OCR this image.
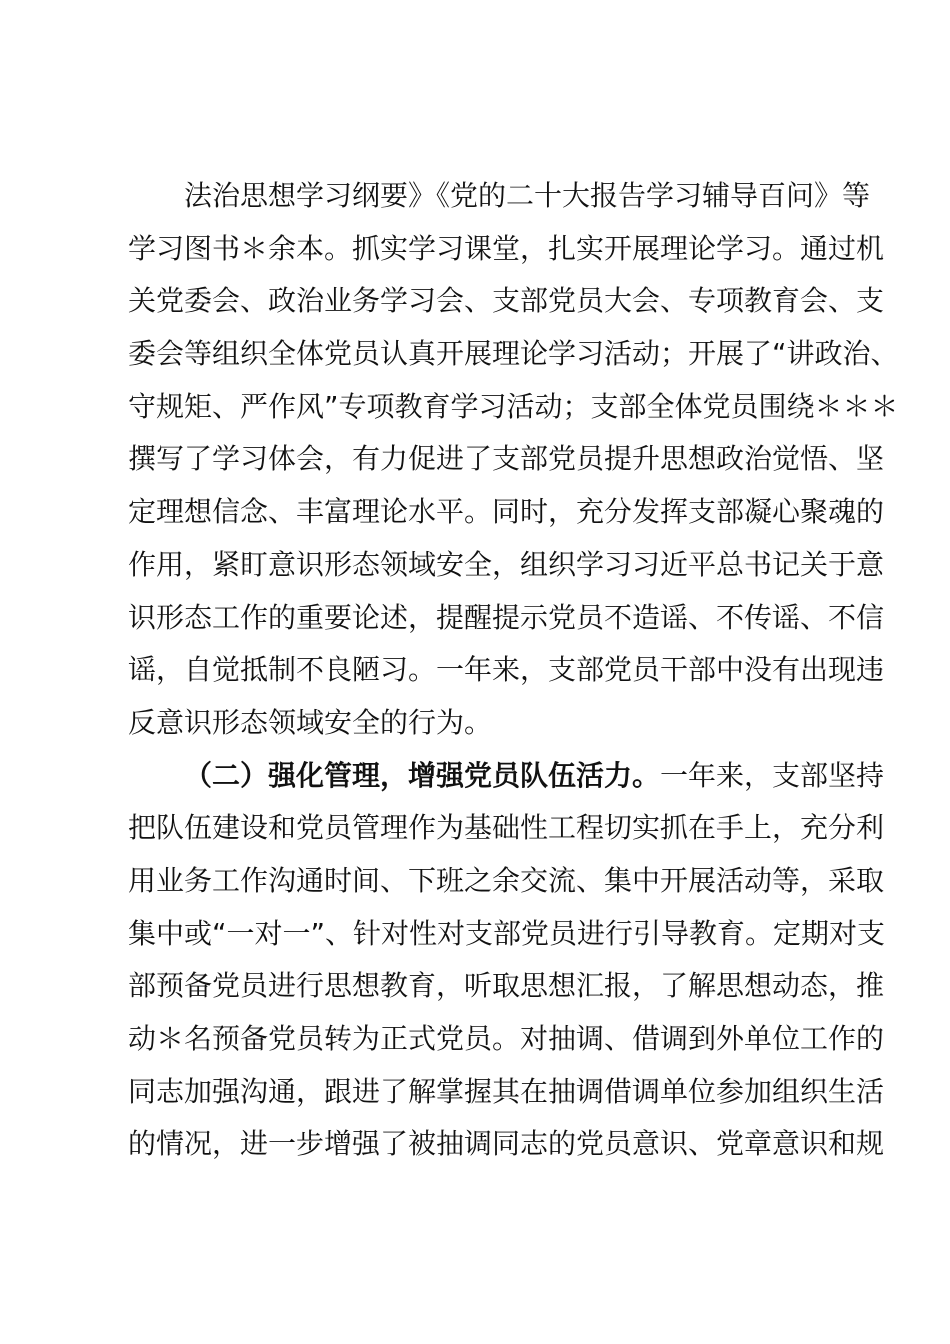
法治思想学习纲要》《党的二十大报告学习辅导百问》等
学习图书＊余本。抓实学习课堂，扎实开展理论学习。通过机
关党委会、政治业务学习会、支部党员大会、专项教育会、支
委会等组织全体党员认真开展理论学习活动；开展了“讲政治、
守规矩、严作风”专项教育学习活动；支部全体党员围绕＊＊＊
撰写了学习体会，有力促进了支部党员提升思想政治觉悟、坚
定理想信念、丰富理论水平。同时，充分发挥支部凝心聚魂的
作用，紧盯意识形态领域安全，组织学习习近平总书记关于意
识形态工作的重要论述，提醒提示党员不造谣、不传谣、不信
谣，自觉抵制不良陋习。一年来，支部党员干部中没有出现违
反意识形态领域安全的行为。
（二）强化管理，增强党员队伍活力。一年来，支部坚持
把队伍建设和党员管理作为基础性工程切实抓在手上，充分利
用业务工作沟通时间、下班之余交流、集中开展活动等，采取
集中或“一对一”、针对性对支部党员进行引导教育。定期对支
部预备党员进行思想教育，听取思想汇报，了解思想动态，推
动＊名预备党员转为正式党员。对抽调、借调到外单位工作的
同志加强沟通，跟进了解掌握其在抽调借调单位参加组织生活
的情况，进一步增强了被抽调同志的党员意识、党章意识和规
